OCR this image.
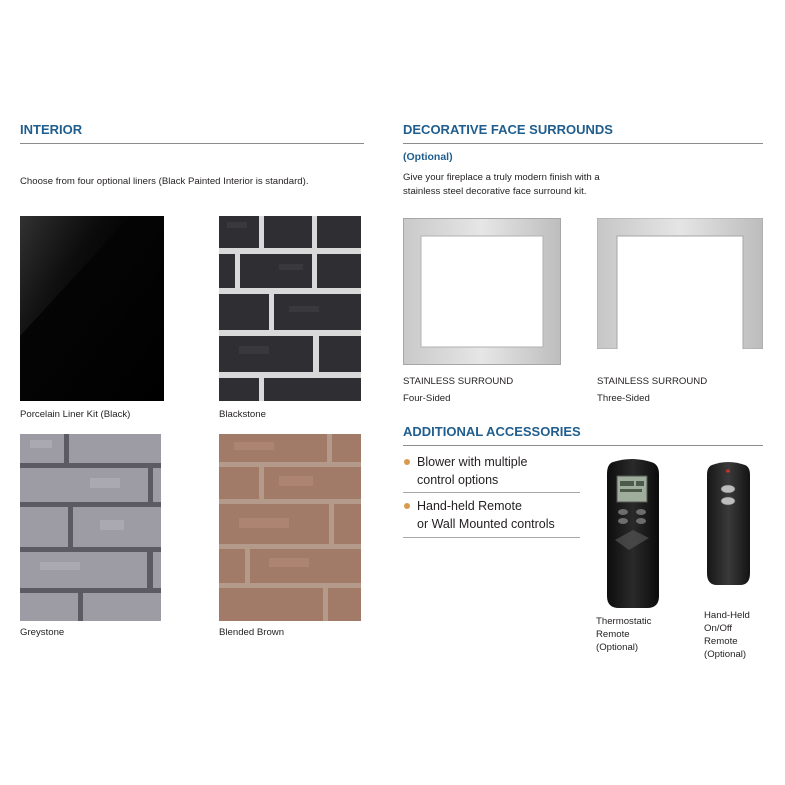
INTERIOR
Choose from four optional liners (Black Painted Interior is standard).
Porcelain Liner Kit (Black)	Blackstone
Greystone	Blended Brown
DECORATIVE FACE SURROUNDS
(Optional)
Give your fireplace a truly modern finish with a
stainless steel decorative face surround kit.
STAINLESS SURROUND
Four-Sided
STAINLESS SURROUND
Three-Sided
ADDITIONAL ACCESSORIES
Blower with multiple
control options
Hand-held Remote
or Wall Mounted controls
Thermostatic
Remote
(Optional)
Hand-Held
On/Off
Remote
(Optional)
